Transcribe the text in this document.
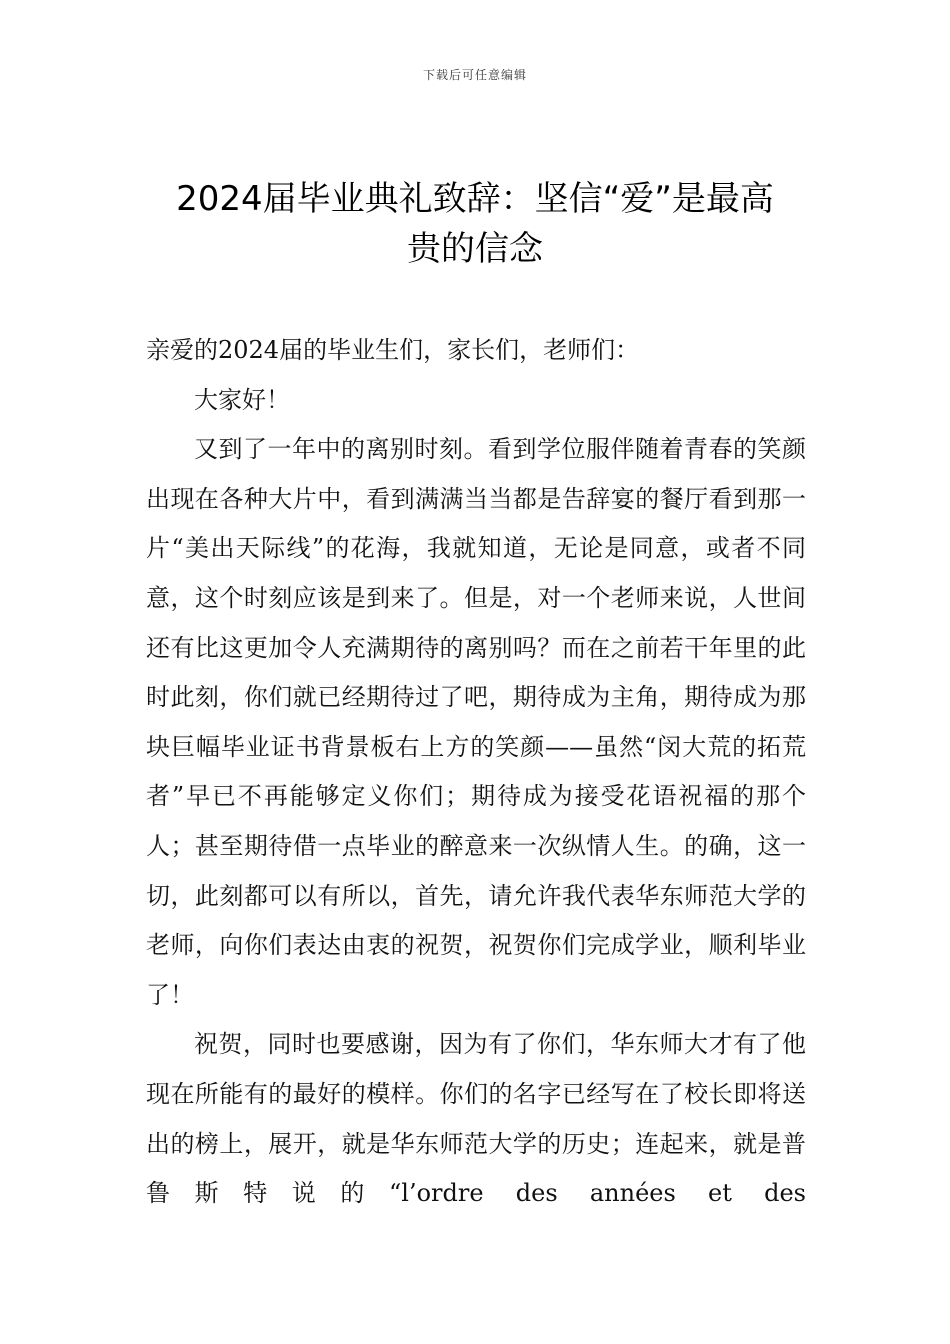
下载后可任意编辑
2024届毕业典礼致辞：坚信“爱”是最高
贵的信念

亲爱的2024届的毕业生们，家长们，老师们：

大家好！

又到了一年中的离别时刻。看到学位服伴随着青春的笑颜出现在各种大片中，看到满满当当都是告辞宴的餐厅看到那一片“美出天际线”的花海，我就知道，无论是同意，或者不同意，这个时刻应该是到来了。但是，对一个老师来说，人世间还有比这更加令人充满期待的离别吗？而在之前若干年里的此时此刻，你们就已经期待过了吧，期待成为主角，期待成为那块巨幅毕业证书背景板右上方的笑颜——虽然“闵大荒的拓荒者”早已不再能够定义你们；期待成为接受花语祝福的那个人；甚至期待借一点毕业的醉意来一次纵情人生。的确，这一切，此刻都可以有所以，首先，请允许我代表华东师范大学的老师，向你们表达由衷的祝贺，祝贺你们完成学业，顺利毕业了！

祝贺，同时也要感谢，因为有了你们，华东师大才有了他现在所能有的最好的模样。你们的名字已经写在了校长即将送出的榜上，展开，就是华东师范大学的历史；连起来，就是普鲁斯特说的“l’ordre des années et des
